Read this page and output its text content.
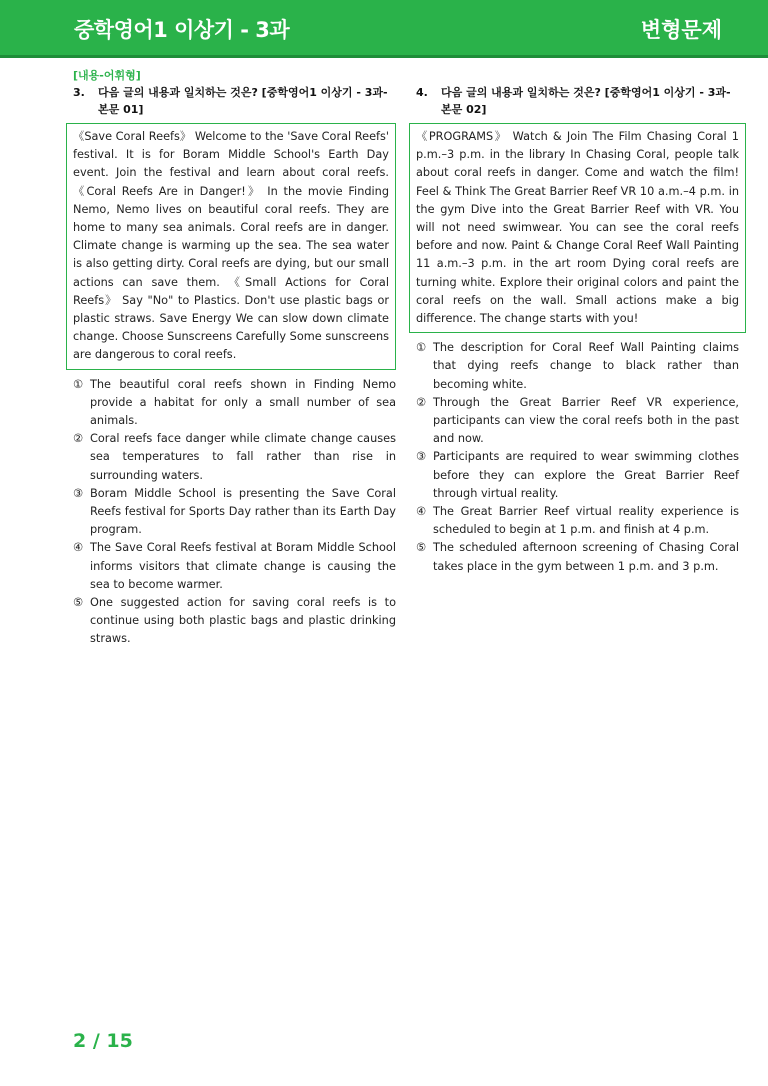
중학영어1 이상기 - 3과	변형문제
[내용-어휘형]
3.	다음 글의 내용과 일치하는 것은? [중학영어1 이상기 - 3과-본문 01]

《Save Coral Reefs》 Welcome to the 'Save Coral Reefs' festival. It is for Boram Middle School's Earth Day event. Join the festival and learn about coral reefs. 《Coral Reefs Are in Danger!》 In the movie Finding Nemo, Nemo lives on beautiful coral reefs. They are home to many sea animals. Coral reefs are in danger. Climate change is warming up the sea. The sea water is also getting dirty. Coral reefs are dying, but our small actions can save them. 《Small Actions for Coral Reefs》 Say "No" to Plastics. Don't use plastic bags or plastic straws. Save Energy We can slow down climate change. Choose Sunscreens Carefully Some sunscreens are dangerous to coral reefs.

① The beautiful coral reefs shown in Finding Nemo provide a habitat for only a small number of sea animals.
② Coral reefs face danger while climate change causes sea temperatures to fall rather than rise in surrounding waters.
③ Boram Middle School is presenting the Save Coral Reefs festival for Sports Day rather than its Earth Day program.
④ The Save Coral Reefs festival at Boram Middle School informs visitors that climate change is causing the sea to become warmer.
⑤ One suggested action for saving coral reefs is to continue using both plastic bags and plastic drinking straws.
4.	다음 글의 내용과 일치하는 것은? [중학영어1 이상기 - 3과-본문 02]

《PROGRAMS》 Watch & Join The Film Chasing Coral 1 p.m.–3 p.m. in the library In Chasing Coral, people talk about coral reefs in danger. Come and watch the film! Feel & Think The Great Barrier Reef VR 10 a.m.–4 p.m. in the gym Dive into the Great Barrier Reef with VR. You will not need swimwear. You can see the coral reefs before and now. Paint & Change Coral Reef Wall Painting 11 a.m.–3 p.m. in the art room Dying coral reefs are turning white. Explore their original colors and paint the coral reefs on the wall. Small actions make a big difference. The change starts with you!

① The description for Coral Reef Wall Painting claims that dying reefs change to black rather than becoming white.
② Through the Great Barrier Reef VR experience, participants can view the coral reefs both in the past and now.
③ Participants are required to wear swimming clothes before they can explore the Great Barrier Reef through virtual reality.
④ The Great Barrier Reef virtual reality experience is scheduled to begin at 1 p.m. and finish at 4 p.m.
⑤ The scheduled afternoon screening of Chasing Coral takes place in the gym between 1 p.m. and 3 p.m.
2 / 15
